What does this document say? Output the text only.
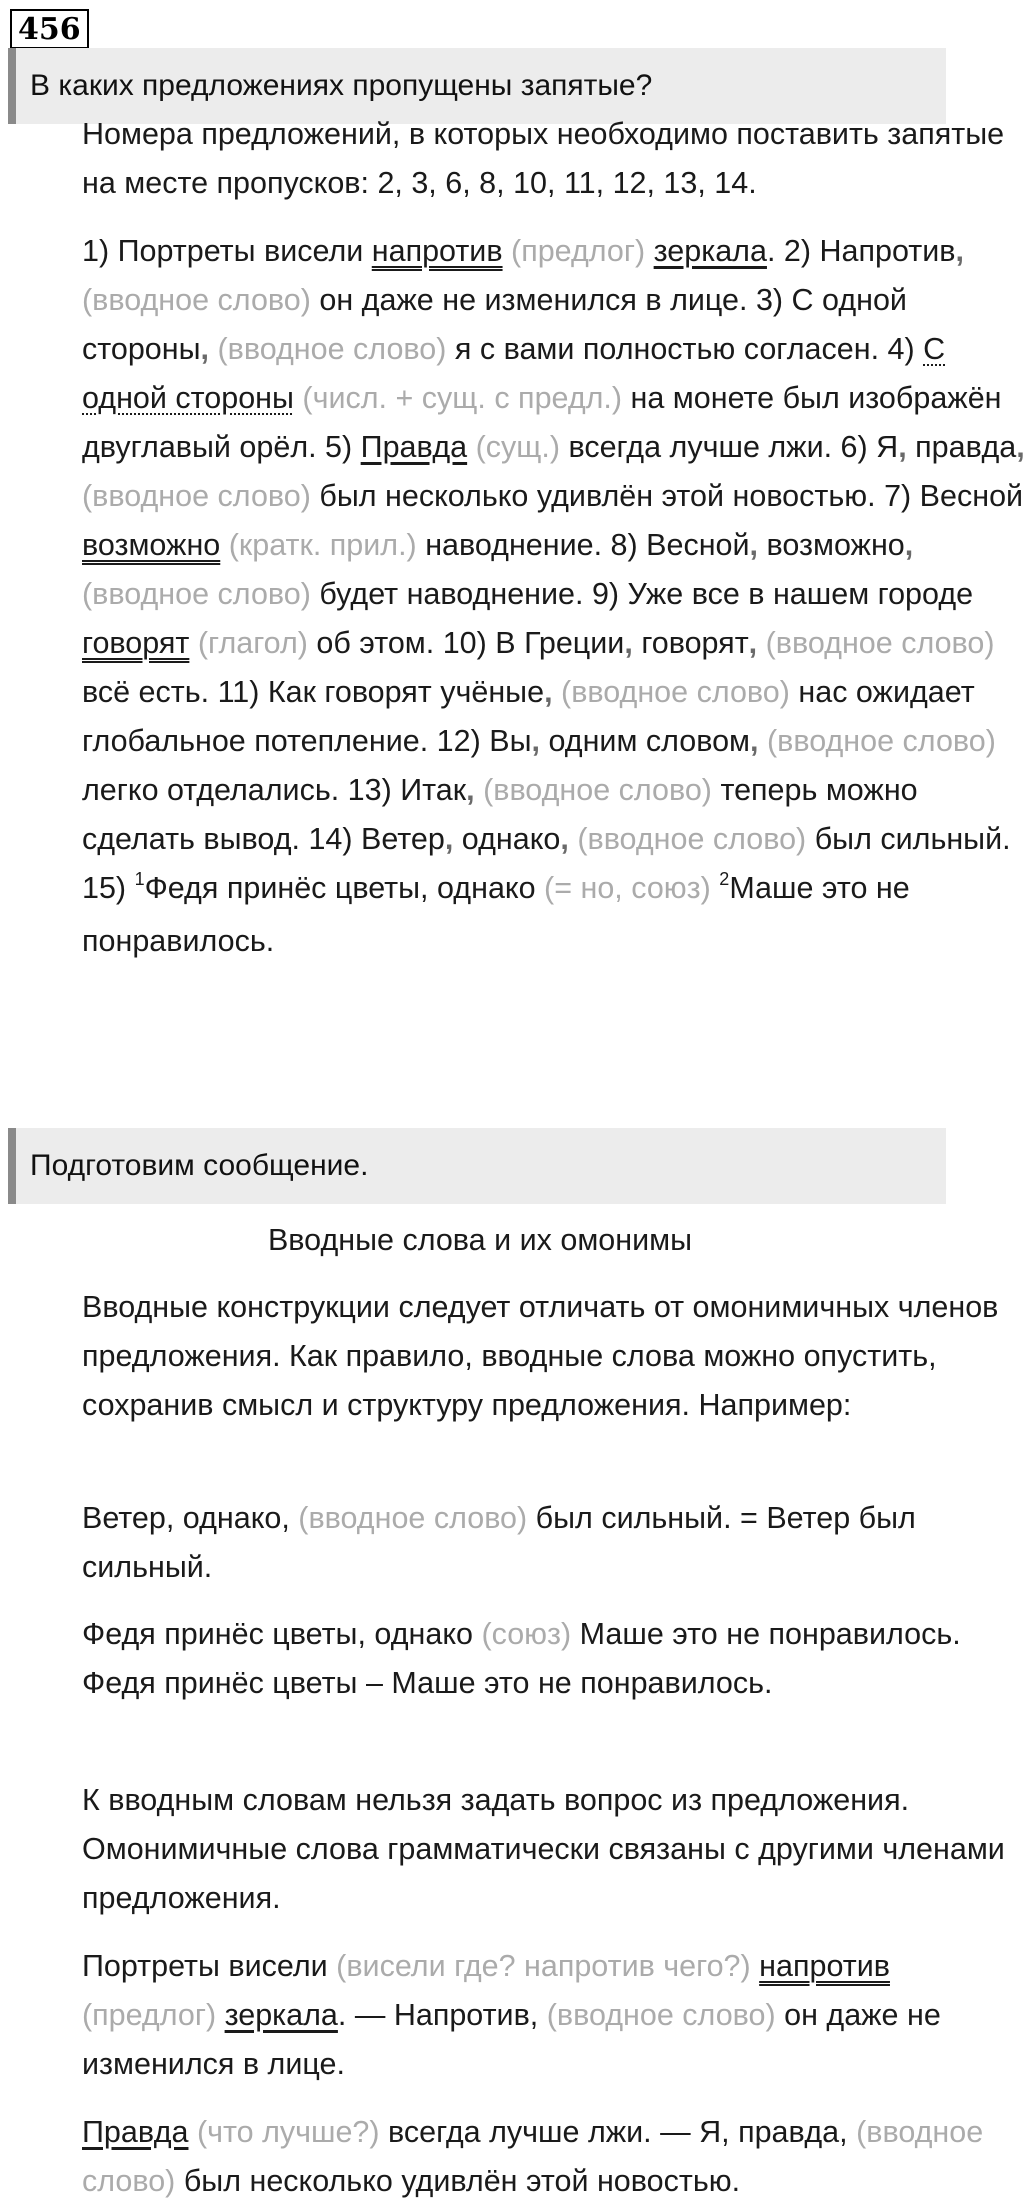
456
В каких предложениях пропущены запятые?

Номера предложений, в которых необходимо поставить запятые на месте пропусков: 2, 3, 6, 8, 10, 11, 12, 13, 14.

1) Портреты висели напротив (предлог) зеркала. 2) Напротив, (вводное слово) он даже не изменился в лице. 3) С одной стороны, (вводное слово) я с вами полностью согласен. 4) С одной стороны (числ. + сущ. с предл.) на монете был изображён двуглавый орёл. 5) Правда (сущ.) всегда лучше лжи. 6) Я, правда, (вводное слово) был несколько удивлён этой новостью. 7) Весной возможно (кратк. прил.) наводнение. 8) Весной, возможно, (вводное слово) будет наводнение. 9) Уже все в нашем городе говорят (глагол) об этом. 10) В Греции, говорят, (вводное слово) всё есть. 11) Как говорят учёные, (вводное слово) нас ожидает глобальное потепление. 12) Вы, одним словом, (вводное слово) легко отделались. 13) Итак, (вводное слово) теперь можно сделать вывод. 14) Ветер, однако, (вводное слово) был сильный. 15) $^1$Федя принёс цветы, однако (= но, союз) $^2$Маше это не понравилось.

Подготовим сообщение.

Вводные слова и их омонимы

Вводные конструкции следует отличать от омонимичных членов предложения. Как правило, вводные слова можно опустить, сохранив смысл и структуру предложения. Например:

Ветер, однако, (вводное слово) был сильный. = Ветер был сильный.

Федя принёс цветы, однако (союз) Маше это не понравилось. Федя принёс цветы – Маше это не понравилось.

К вводным словам нельзя задать вопрос из предложения. Омонимичные слова грамматически связаны с другими членами предложения.

Портреты висели (висели где? напротив чего?) напротив (предлог) зеркала. — Напротив, (вводное слово) он даже не изменился в лице.

Правда (что лучше?) всегда лучше лжи. — Я, правда, (вводное слово) был несколько удивлён этой новостью.
